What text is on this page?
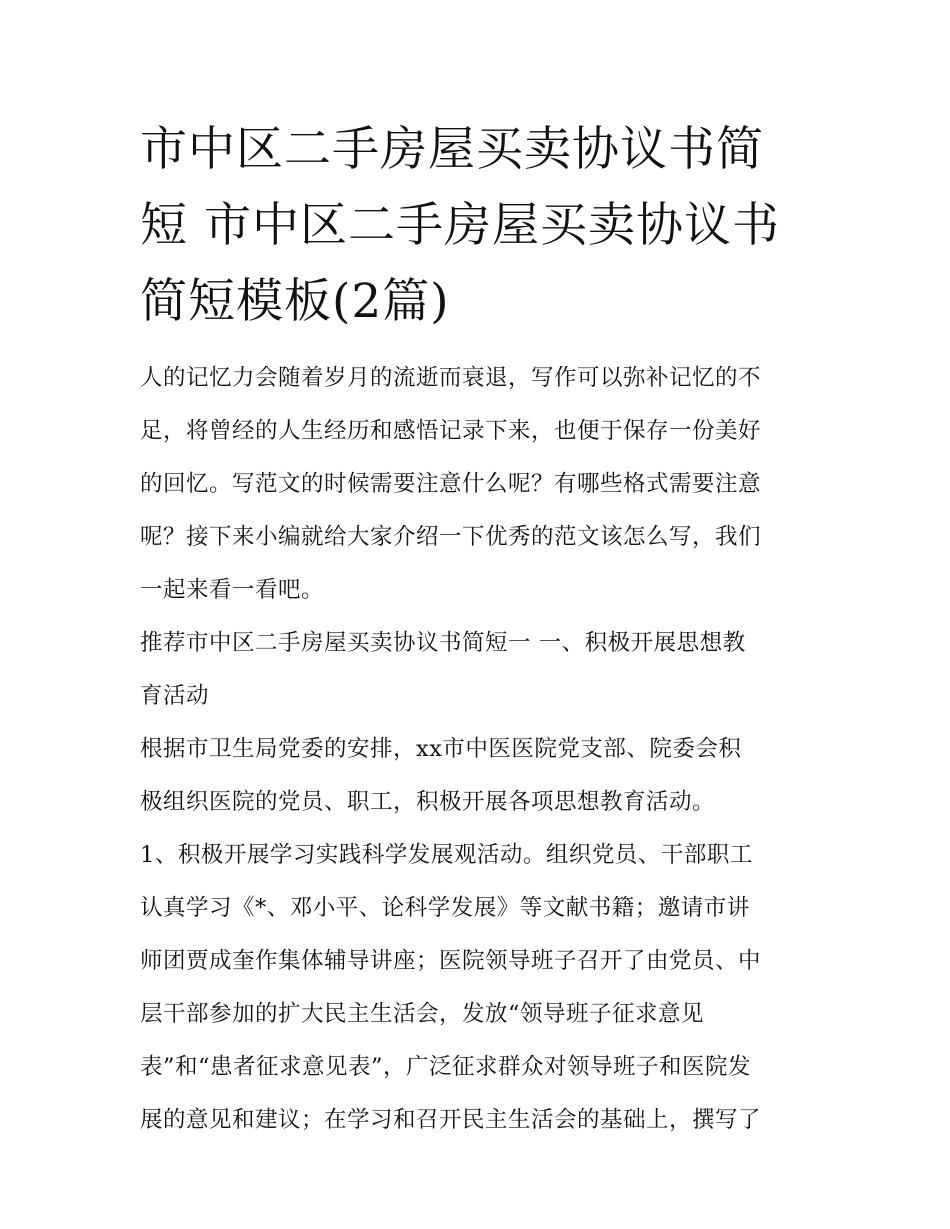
市中区二手房屋买卖协议书简
短 市中区二手房屋买卖协议书
简短模板(2篇)
人的记忆力会随着岁月的流逝而衰退，写作可以弥补记忆的不
足，将曾经的人生经历和感悟记录下来，也便于保存一份美好
的回忆。写范文的时候需要注意什么呢？有哪些格式需要注意
呢？接下来小编就给大家介绍一下优秀的范文该怎么写，我们
一起来看一看吧。
推荐市中区二手房屋买卖协议书简短一 一、积极开展思想教
育活动
根据市卫生局党委的安排，xx市中医医院党支部、院委会积
极组织医院的党员、职工，积极开展各项思想教育活动。
1、积极开展学习实践科学发展观活动。组织党员、干部职工
认真学习《*、邓小平、论科学发展》等文献书籍；邀请市讲
师团贾成奎作集体辅导讲座；医院领导班子召开了由党员、中
层干部参加的扩大民主生活会，发放“领导班子征求意见
表”和“患者征求意见表”，广泛征求群众对领导班子和医院发
展的意见和建议；在学习和召开民主生活会的基础上，撰写了
